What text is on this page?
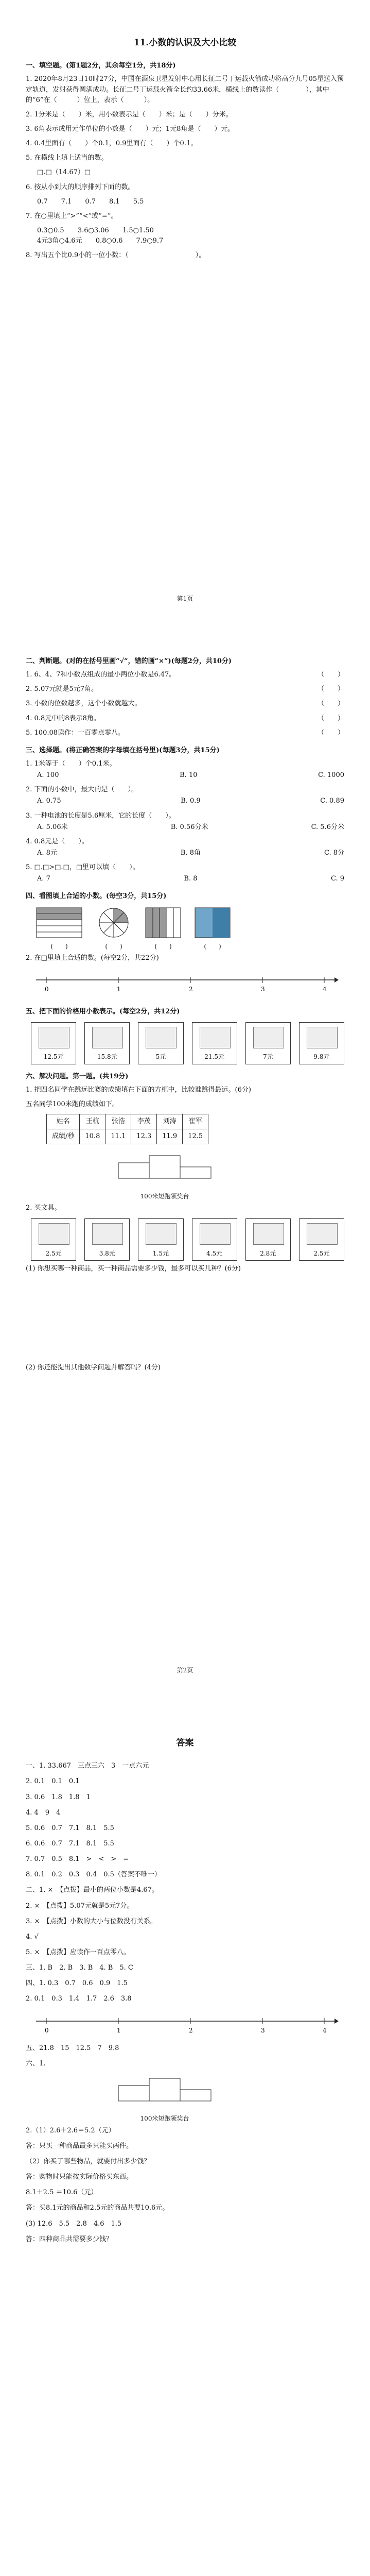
11.小数的认识及大小比较
一、填空题。(第1题2分，其余每空1分，共18分)
1. 2020年8月23日10时27分，中国在酒泉卫星发射中心用长征二号丁运载火箭成功将高分九号05星送入预定轨道，发射获得圆满成功。长征二号丁运载火箭全长约33.66米，横线上的数读作（　　　　），其中的“6”在（　　　）位上，表示（　　　）。
2. 1分米是（　　）米，用小数表示是（　　）米；是（　　）分米。
3. 6角表示成用元作单位的小数是（　　）元；1元8角是（　　）元。
4. 0.4里面有（　　）个0.1，0.9里面有（　　）个0.1。
5. 在横线上填上适当的数。
□.□（14.67）□
6. 按从小到大的顺序排列下面的数。
0.7　　7.1　　0.7　　8.1　　5.5
7. 在○里填上“>”“<”或“=”。
0.3○0.5 3.6○3.06 1.5○1.50
4元3角○4.6元 0.8○0.6 7.9○9.7
8. 写出五个比0.9小的一位小数：（　　　　　　　　　　）。
第1页
二、判断题。(对的在括号里画“√”，错的画“×”)(每题2分，共10分)
1. 6、4、7和小数点组成的最小两位小数是6.47。	（　　）
2. 5.07元就是5元7角。	（　　）
3. 小数的位数越多，这个小数就越大。	（　　）
4. 0.8元中的8表示8角。	（　　）
5. 100.08读作：一百零点零八。	（　　）
三、选择题。(将正确答案的字母填在括号里)(每题3分，共15分)
1. 1米等于（　　）个0.1米。
A. 100	B. 10	C. 1000
2. 下面的小数中，最大的是（　　）。
A. 0.75	B. 0.9	C. 0.89
3. 一种电池的长度是5.6厘米，它的长度（　　）。
A. 5.06米	B. 0.56分米	C. 5.6分米
4. 0.8元是（　　）。
A. 8元	B. 8角	C. 8分
5. □.□>□.□，□里可以填（　　）。
A. 7	B. 8	C. 9
四、看图填上合适的小数。(每空3分，共15分)
(　　)	(　　)	(　　)	(　　)
2. 在□里填上合适的数。(每空2分，共22分)
0	1	2	3	4
五、把下面的价格用小数表示。(每空2分，共12分)
12.5元	15.8元	5元	21.5元	7元	9.8元
六、解决问题。第一题。(共19分)
1. 把四名同学在跳远比赛的成绩填在下面的方框中，比较谁跳得最远。(6分)
五名同学100米跑的成绩如下。
姓名	王杭	张浩	李茂	刘涛	崔军
成绩/秒	10.8	11.1	12.3	11.9	12.5
100米短跑领奖台
2. 买文具。
2.5元	3.8元	1.5元	4.5元	2.8元	2.5元
(1) 你想买哪一种商品，买一种商品需要多少钱，最多可以买几种？(6分)
(2) 你还能提出其他数学问题并解答吗？(4分)
第2页
答案
一、1. 33.667　三点三六　3　一点六元
2. 0.1　0.1　0.1
3. 0.6　1.8　1.8　1
4. 4　9　4
5. 0.6　0.7　7.1　8.1　5.5
6. 0.6　0.7　7.1　8.1　5.5
7. 0.7　0.5　8.1　>　<　>　=
8. 0.1　0.2　0.3　0.4　0.5（答案不唯一）
二、1. ×　【点拨】最小的两位小数是4.67。
2. ×　【点拨】5.07元就是5元7分。
3. ×　【点拨】小数的大小与位数没有关系。
4. √
5. ×　【点拨】应读作一百点零八。
三、1. B　2. B　3. B　4. B　5. C
四、1. 0.3　0.7　0.6　0.9　1.5
2. 0.1　0.3　1.4　1.7　2.6　3.8
0	1	2	3	4
五、21.8　15　12.5　7　9.8
六、1.
100米短跑领奖台
2.（1）2.6＋2.6＝5.2（元）
答：只买一种商品最多只能买两件。
（2）你买了哪些物品，就要付出多少钱？
答：购物时只能按实际价格买东西。
8.1＋2.5 ＝10.6（元）
答：买8.1元的商品和2.5元的商品共要10.6元。
(3) 12.6　5.5　2.8　4.6　1.5
答：四种商品共需要多少钱？
